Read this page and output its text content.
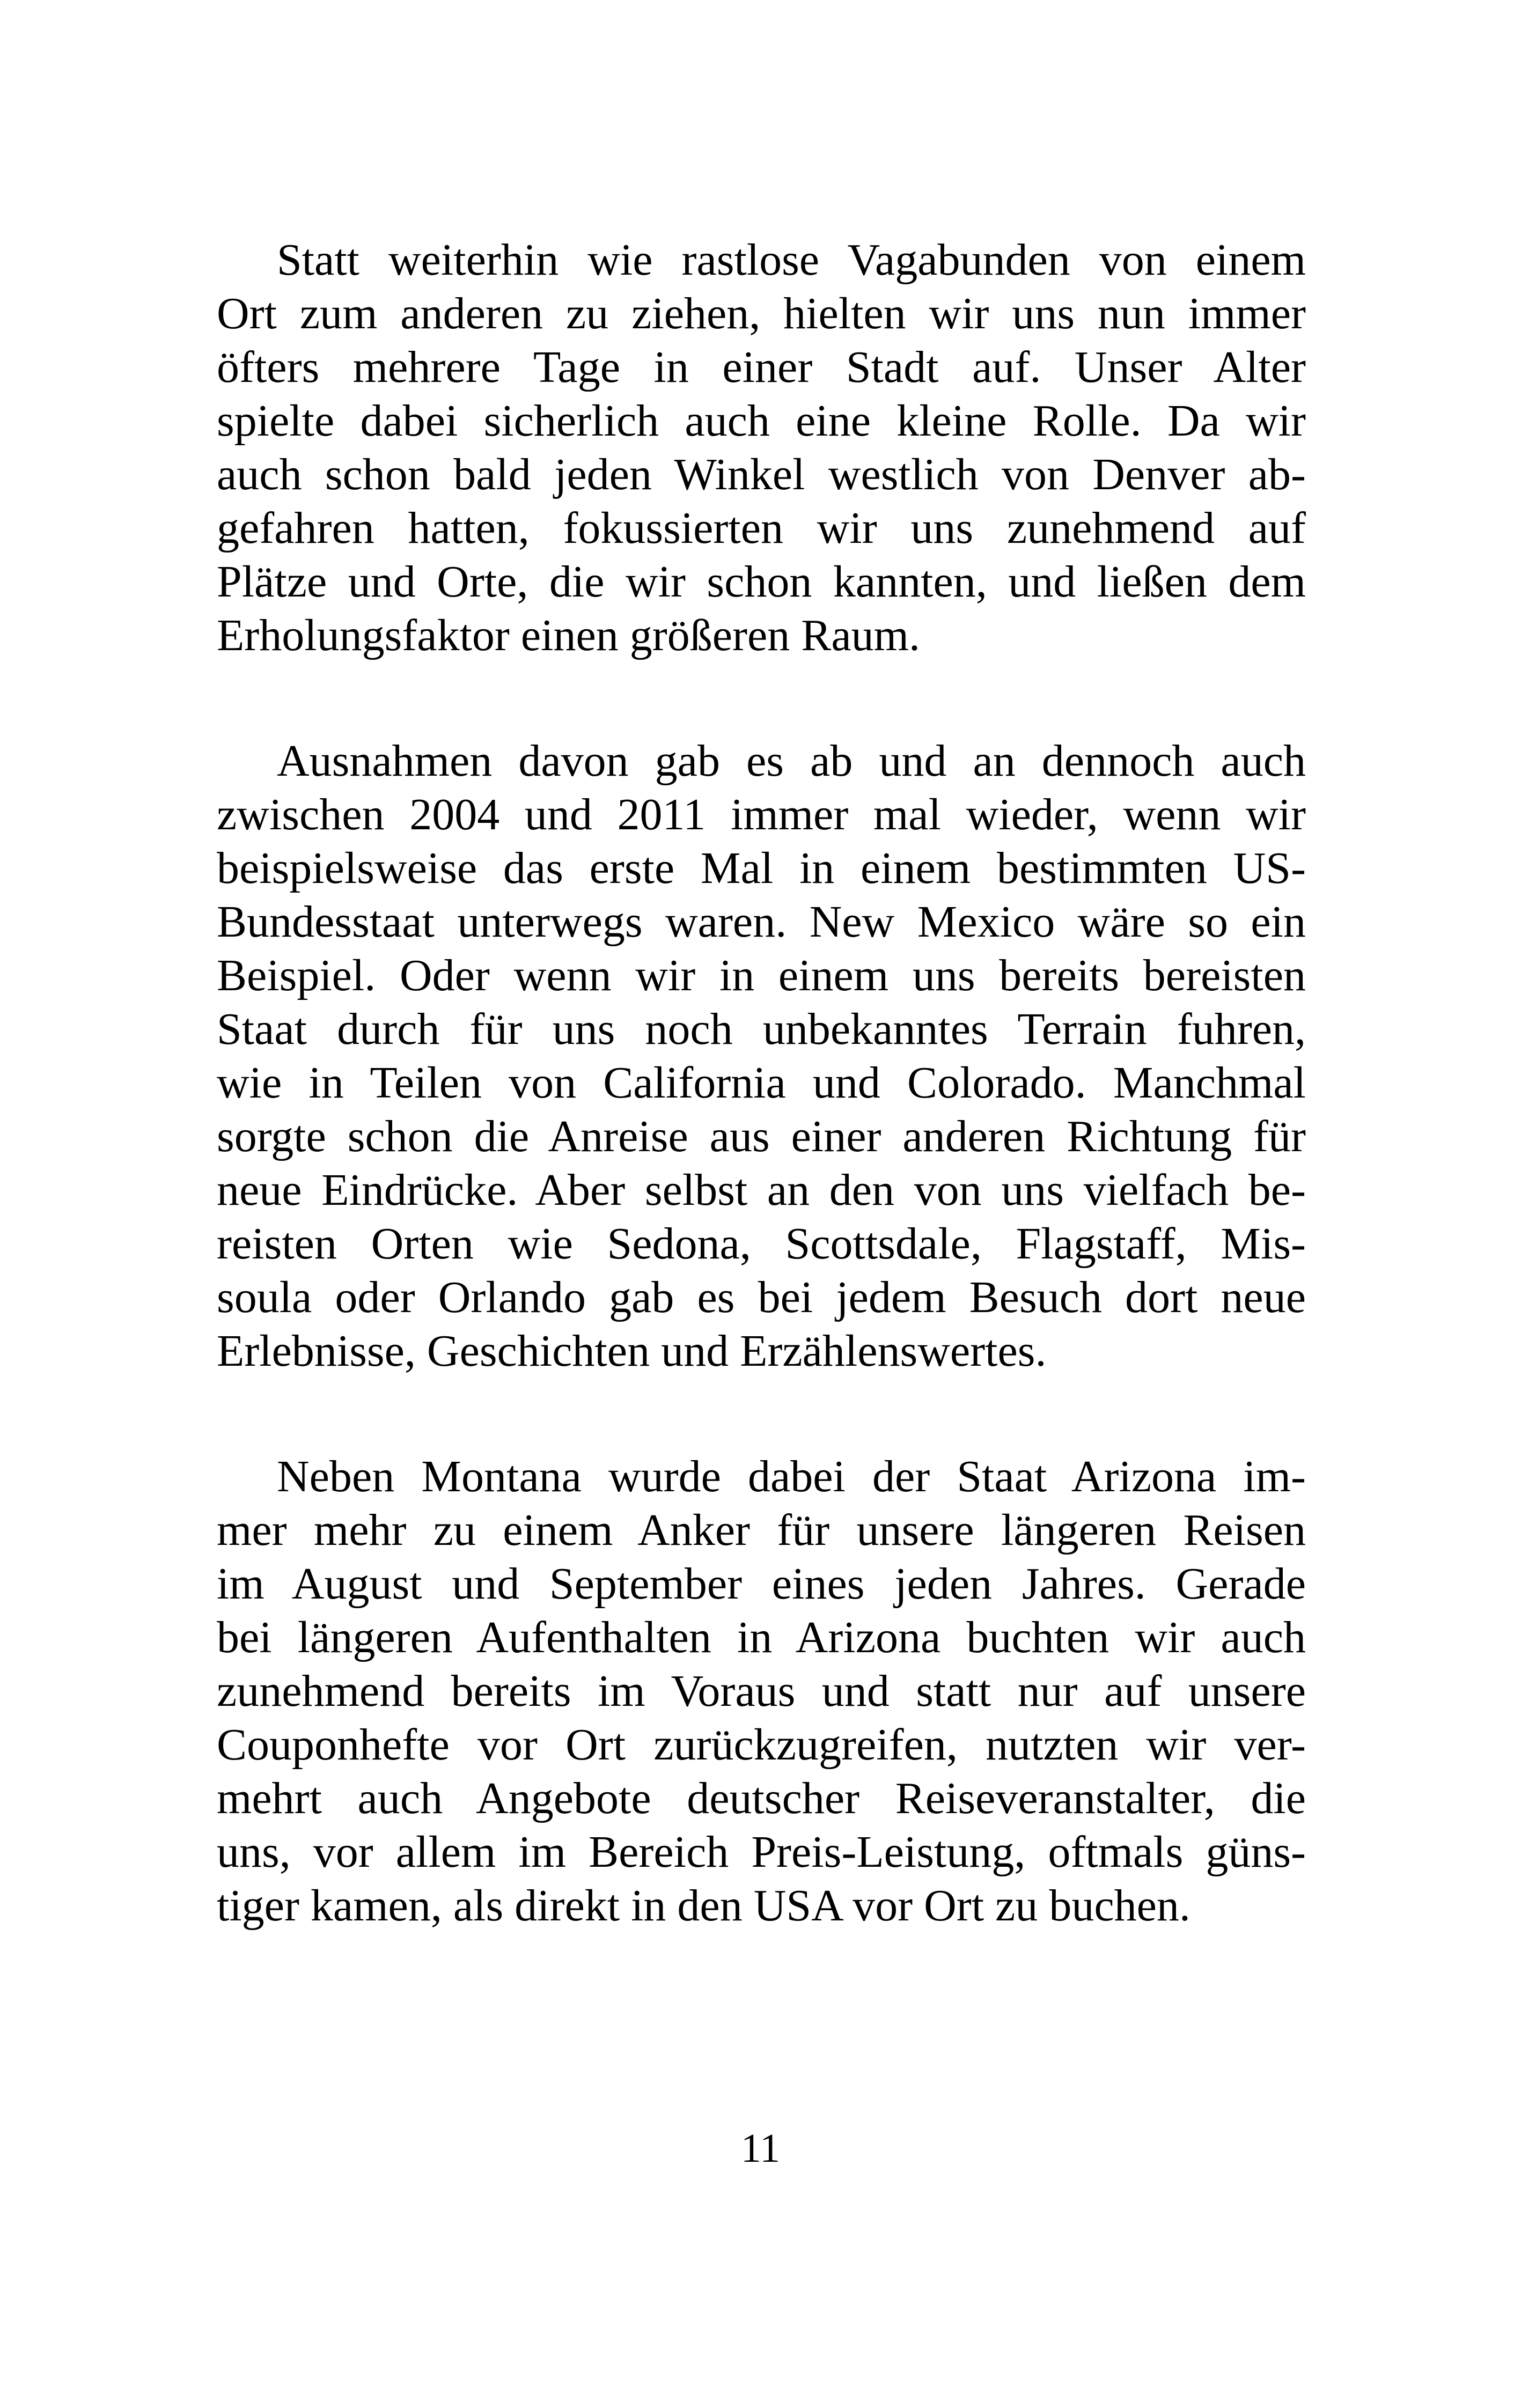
Statt weiterhin wie rastlose Vagabunden von einem
Ort zum anderen zu ziehen, hielten wir uns nun immer
öfters mehrere Tage in einer Stadt auf. Unser Alter
spielte dabei sicherlich auch eine kleine Rolle. Da wir
auch schon bald jeden Winkel westlich von Denver ab-
gefahren hatten, fokussierten wir uns zunehmend auf
Plätze und Orte, die wir schon kannten, und ließen dem
Erholungsfaktor einen größeren Raum.
Ausnahmen davon gab es ab und an dennoch auch
zwischen 2004 und 2011 immer mal wieder, wenn wir
beispielsweise das erste Mal in einem bestimmten US-
Bundesstaat unterwegs waren. New Mexico wäre so ein
Beispiel. Oder wenn wir in einem uns bereits bereisten
Staat durch für uns noch unbekanntes Terrain fuhren,
wie in Teilen von California und Colorado. Manchmal
sorgte schon die Anreise aus einer anderen Richtung für
neue Eindrücke. Aber selbst an den von uns vielfach be-
reisten Orten wie Sedona, Scottsdale, Flagstaff, Mis-
soula oder Orlando gab es bei jedem Besuch dort neue
Erlebnisse, Geschichten und Erzählenswertes.
Neben Montana wurde dabei der Staat Arizona im-
mer mehr zu einem Anker für unsere längeren Reisen
im August und September eines jeden Jahres. Gerade
bei längeren Aufenthalten in Arizona buchten wir auch
zunehmend bereits im Voraus und statt nur auf unsere
Couponhefte vor Ort zurückzugreifen, nutzten wir ver-
mehrt auch Angebote deutscher Reiseveranstalter, die
uns, vor allem im Bereich Preis-Leistung, oftmals güns-
tiger kamen, als direkt in den USA vor Ort zu buchen.
11
